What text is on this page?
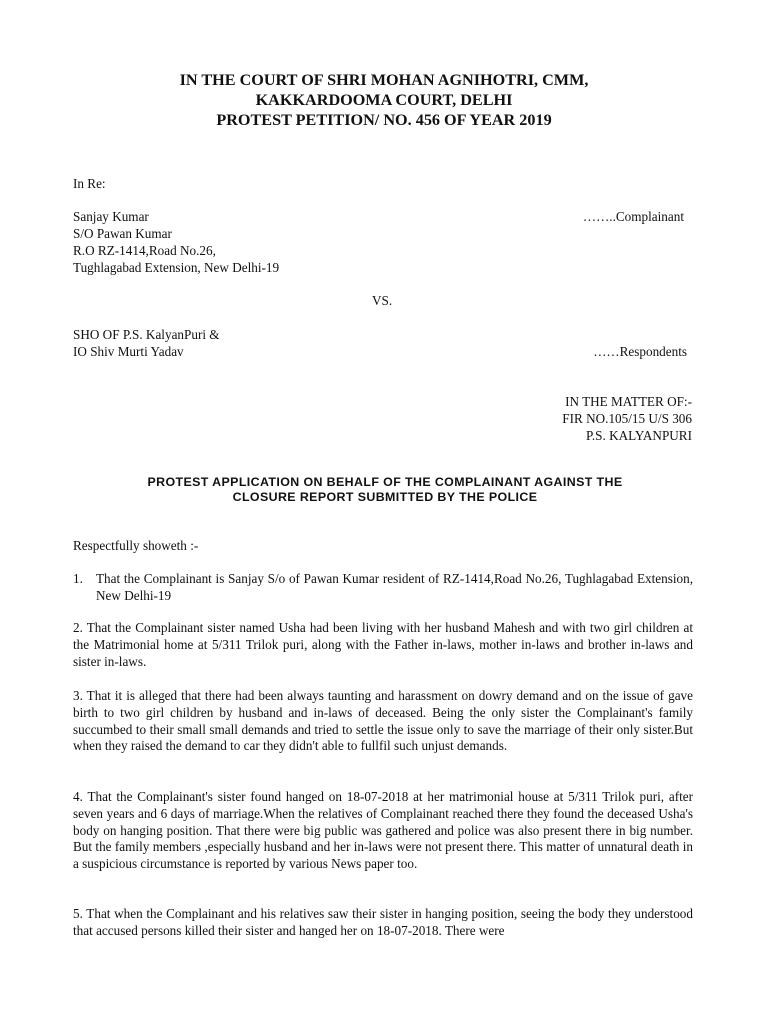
IN THE COURT OF SHRI MOHAN AGNIHOTRI, CMM,
KAKKARDOOMA COURT, DELHI
PROTEST PETITION/ NO. 456 OF YEAR 2019
In Re:
Sanjay Kumar	……..Complainant
S/O Pawan Kumar
R.O RZ-1414,Road No.26,
Tughlagabad Extension, New Delhi-19
VS.
SHO OF P.S. KalyanPuri &
IO Shiv Murti Yadav	……Respondents
IN THE MATTER OF:-
FIR NO.105/15 U/S 306
P.S. KALYANPURI
PROTEST APPLICATION ON BEHALF OF THE COMPLAINANT AGAINST THE
CLOSURE REPORT SUBMITTED BY THE POLICE
Respectfully showeth :-
1. That the Complainant is Sanjay S/o of Pawan Kumar resident of RZ-1414,Road No.26, Tughlagabad Extension, New Delhi-19

2. That the Complainant sister named Usha had been living with her husband Mahesh and with two girl children at the Matrimonial home at 5/311 Trilok puri, along with the Father in-laws, mother in-laws and brother in-laws and sister in-laws.

3. That it is alleged that there had been always taunting and harassment on dowry demand and on the issue of gave birth to two girl children by husband and in-laws of deceased. Being the only sister the Complainant's family succumbed to their small small demands and tried to settle the issue only to save the marriage of their only sister.But when they raised the demand to car they didn't able to fullfil such unjust demands.

4. That the Complainant's sister found hanged on 18-07-2018 at her matrimonial house at 5/311 Trilok puri, after seven years and 6 days of marriage.When the relatives of Complainant reached there they found the deceased Usha's body on hanging position. That there were big public was gathered and police was also present there in big number. But the family members ,especially husband and her in-laws were not present there. This matter of unnatural death in a suspicious circumstance is reported by various News paper too.

5. That when the Complainant and his relatives saw their sister in hanging position, seeing the body they understood that accused persons killed their sister and hanged her on 18-07-2018. There were
